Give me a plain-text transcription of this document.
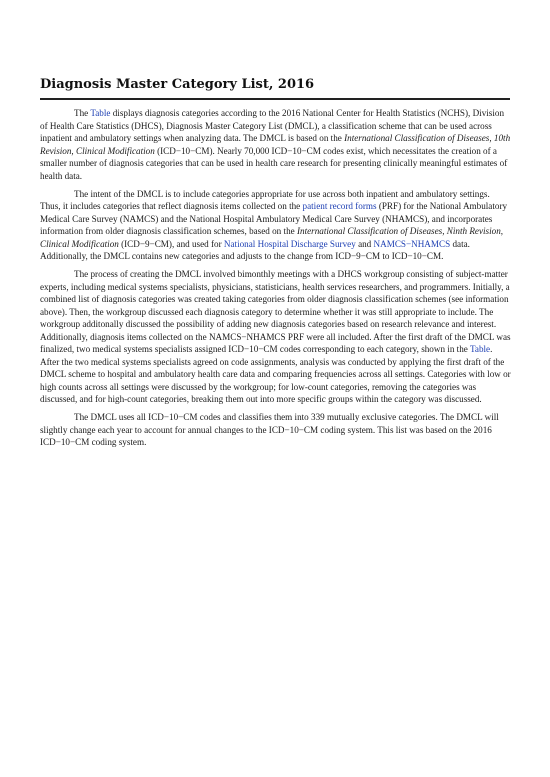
Diagnosis Master Category List, 2016

The Table displays diagnosis categories according to the 2016 National Center for Health Statistics (NCHS), Division of Health Care Statistics (DHCS), Diagnosis Master Category List (DMCL), a classification scheme that can be used across inpatient and ambulatory settings when analyzing data. The DMCL is based on the International Classification of Diseases, 10th Revision, Clinical Modification (ICD−10−CM). Nearly 70,000 ICD−10−CM codes exist, which necessitates the creation of a smaller number of diagnosis categories that can be used in health care research for presenting clinically meaningful estimates of health data.

The intent of the DMCL is to include categories appropriate for use across both inpatient and ambulatory settings. Thus, it includes categories that reflect diagnosis items collected on the patient record forms (PRF) for the National Ambulatory Medical Care Survey (NAMCS) and the National Hospital Ambulatory Medical Care Survey (NHAMCS), and incorporates information from older diagnosis classification schemes, based on the International Classification of Diseases, Ninth Revision, Clinical Modification (ICD−9−CM), and used for National Hospital Discharge Survey and NAMCS−NHAMCS data. Additionally, the DMCL contains new categories and adjusts to the change from ICD−9−CM to ICD−10−CM.

The process of creating the DMCL involved bimonthly meetings with a DHCS workgroup consisting of subject-matter experts, including medical systems specialists, physicians, statisticians, health services researchers, and programmers. Initially, a combined list of diagnosis categories was created taking categories from older diagnosis classification schemes (see information above). Then, the workgroup discussed each diagnosis category to determine whether it was still appropriate to include. The workgroup additonally discussed the possibility of adding new diagnosis categories based on research relevance and interest. Additionally, diagnosis items collected on the NAMCS−NHAMCS PRF were all included. After the first draft of the DMCL was finalized, two medical systems specialists assigned ICD−10−CM codes corresponding to each category, shown in the Table. After the two medical systems specialists agreed on code assignments, analysis was conducted by applying the first draft of the DMCL scheme to hospital and ambulatory health care data and comparing frequencies across all settings. Categories with low or high counts across all settings were discussed by the workgroup; for low-count categories, removing the categories was discussed, and for high-count categories, breaking them out into more specific groups within the category was discussed.

The DMCL uses all ICD−10−CM codes and classifies them into 339 mutually exclusive categories. The DMCL will slightly change each year to account for annual changes to the ICD−10−CM coding system. This list was based on the 2016 ICD−10−CM coding system.
